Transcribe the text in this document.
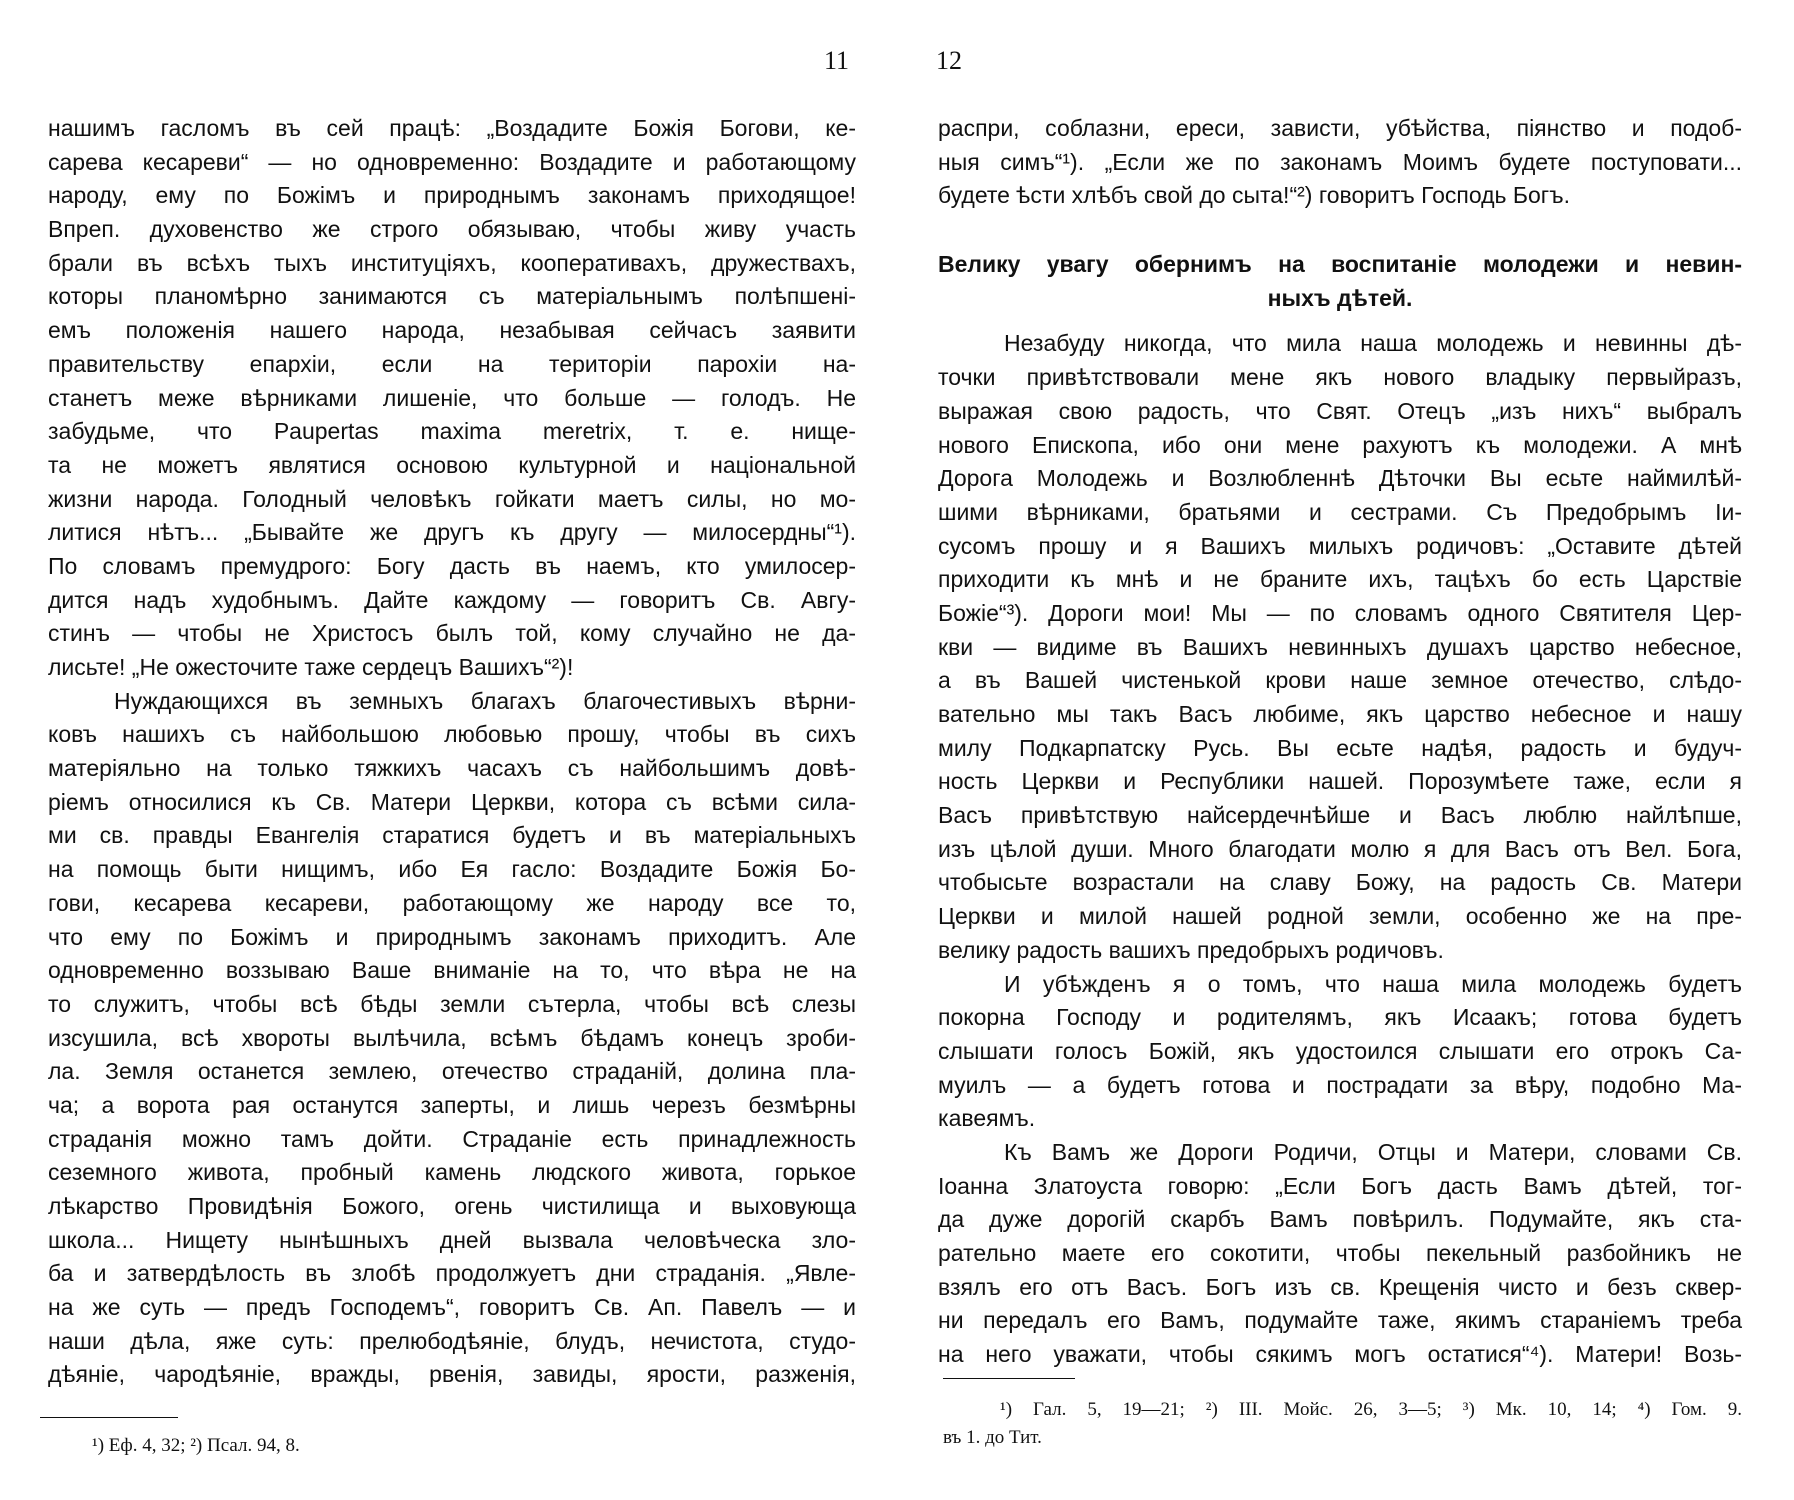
11	12
нашимъ гасломъ въ сей працѣ: „Воздадите Божія Богови, ке-
сарева кесареви“ — но одновременно: Воздадите и работающому
народу, ему по Божімъ и природнымъ законамъ приходящое!
Впреп. духовенство же строго обязываю, чтобы живу участь
брали въ всѣхъ тыхъ институціяхъ, кооперативахъ, дружествахъ,
которы планомѣрно занимаются съ матеріальнымъ полѣпшені-
емъ положенія нашего народа, незабывая сейчасъ заявити
правительству епархіи, если на територіи парохіи на-
станетъ меже вѣрниками лишеніе, что больше — голодъ. Не
забудьме, что Paupertas maxima meretrix, т. е. нище-
та не можетъ являтися основою культурной и національной
жизни народа. Голодный человѣкъ гойкати маетъ силы, но мо-
литися нѣтъ... „Бывайте же другъ къ другу — милосердны“¹).
По словамъ премудрого: Богу дасть въ наемъ, кто умилосер-
дится надъ худобнымъ. Дайте каждому — говоритъ Св. Авгу-
стинъ — чтобы не Христосъ былъ той, кому случайно не да-
лисьте! „Не ожесточите таже сердецъ Вашихъ“²)!
Нуждающихся въ земныхъ благахъ благочестивыхъ вѣрни-
ковъ нашихъ съ найбольшою любовью прошу, чтобы въ сихъ
матеріяльно на только тяжкихъ часахъ съ найбольшимъ довѣ-
ріемъ относилися къ Св. Матери Церкви, котора съ всѣми сила-
ми св. правды Евангелія старатися будетъ и въ матеріальныхъ
на помощь быти нищимъ, ибо Ея гасло: Воздадите Божія Бо-
гови, кесарева кесареви, работающому же народу все то,
что ему по Божімъ и природнымъ законамъ приходитъ. Але
одновременно воззываю Ваше вниманіе на то, что вѣра не на
то служитъ, чтобы всѣ бѣды земли сътерла, чтобы всѣ слезы
изсушила, всѣ хвороты вылѣчила, всѣмъ бѣдамъ конецъ зроби-
ла. Земля останется землею, отечество страданій, долина пла-
ча; а ворота рая останутся заперты, и лишь черезъ безмѣрны
страданія можно тамъ дойти. Страданіе есть принадлежность
сеземного живота, пробный камень людского живота, горькое
лѣкарство Провидѣнія Божого, огень чистилища и выховующа
школа... Нищету нынѣшныхъ дней вызвала человѣческа зло-
ба и затвердѣлость въ злобѣ продолжуетъ дни страданія. „Явле-
на же суть — предъ Господемъ“, говоритъ Св. Ап. Павелъ — и
наши дѣла, яже суть: прелюбодѣяніе, блудъ, нечистота, студо-
дѣяніе, чародѣяніе, вражды, рвенія, завиды, ярости, разженія,
распри, соблазни, ереси, зависти, убѣйства, піянство и подоб-
ныя симъ“¹). „Если же по законамъ Моимъ будете поступовати...
будете ѣсти хлѣбъ свой до сыта!“²) говоритъ Господь Богъ.
Велику увагу обернимъ на воспитаніе молодежи и невин-
ныхъ дѣтей.
Незабуду никогда, что мила наша молодежь и невинны дѣ-
точки привѣтствовали мене якъ нового владыку первыйразъ,
выражая свою радость, что Свят. Отецъ „изъ нихъ“ выбралъ
нового Епископа, ибо они мене рахуютъ къ молодежи. А мнѣ
Дорога Молодежь и Возлюбленнѣ Дѣточки Вы есьте наймилѣй-
шими вѣрниками, братьями и сестрами. Съ Предобрымъ Іи-
сусомъ прошу и я Вашихъ милыхъ родичовъ: „Оставите дѣтей
приходити къ мнѣ и не браните ихъ, тацѣхъ бо есть Царствіе
Божіе“³). Дороги мои! Мы — по словамъ одного Святителя Цер-
кви — видиме въ Вашихъ невинныхъ душахъ царство небесное,
а въ Вашей чистенькой крови наше земное отечество, слѣдо-
вательно мы такъ Васъ любиме, якъ царство небесное и нашу
милу Подкарпатску Русь. Вы есьте надѣя, радость и будуч-
ность Церкви и Республики нашей. Порозумѣете таже, если я
Васъ привѣтствую найсердечнѣйше и Васъ люблю найлѣпше,
изъ цѣлой души. Много благодати молю я для Васъ отъ Вел. Бога,
чтобысьте возрастали на славу Божу, на радость Св. Матери
Церкви и милой нашей родной земли, особенно же на пре-
велику радость вашихъ предобрыхъ родичовъ.
И убѣжденъ я о томъ, что наша мила молодежь будетъ
покорна Господу и родителямъ, якъ Исаакъ; готова будетъ
слышати голосъ Божій, якъ удостоился слышати его отрокъ Са-
муилъ — а будетъ готова и пострадати за вѣру, подобно Ма-
кавеямъ.
Къ Вамъ же Дороги Родичи, Отцы и Матери, словами Св.
Іоанна Златоуста говорю: „Если Богъ дасть Вамъ дѣтей, тог-
да дуже дорогій скарбъ Вамъ повѣрилъ. Подумайте, якъ ста-
рательно маете его сокотити, чтобы пекельный разбойникъ не
взялъ его отъ Васъ. Богъ изъ св. Крещенія чисто и безъ сквер-
ни передалъ его Вамъ, подумайте таже, якимъ стараніемъ треба
на него уважати, чтобы сякимъ могъ остатися“⁴). Матери! Возь-
¹) Еф. 4, 32; ²) Псал. 94, 8.
¹) Гал. 5, 19—21; ²) III. Мойс. 26, 3—5; ³) Мк. 10, 14; ⁴) Гом. 9.
въ 1. до Тит.
